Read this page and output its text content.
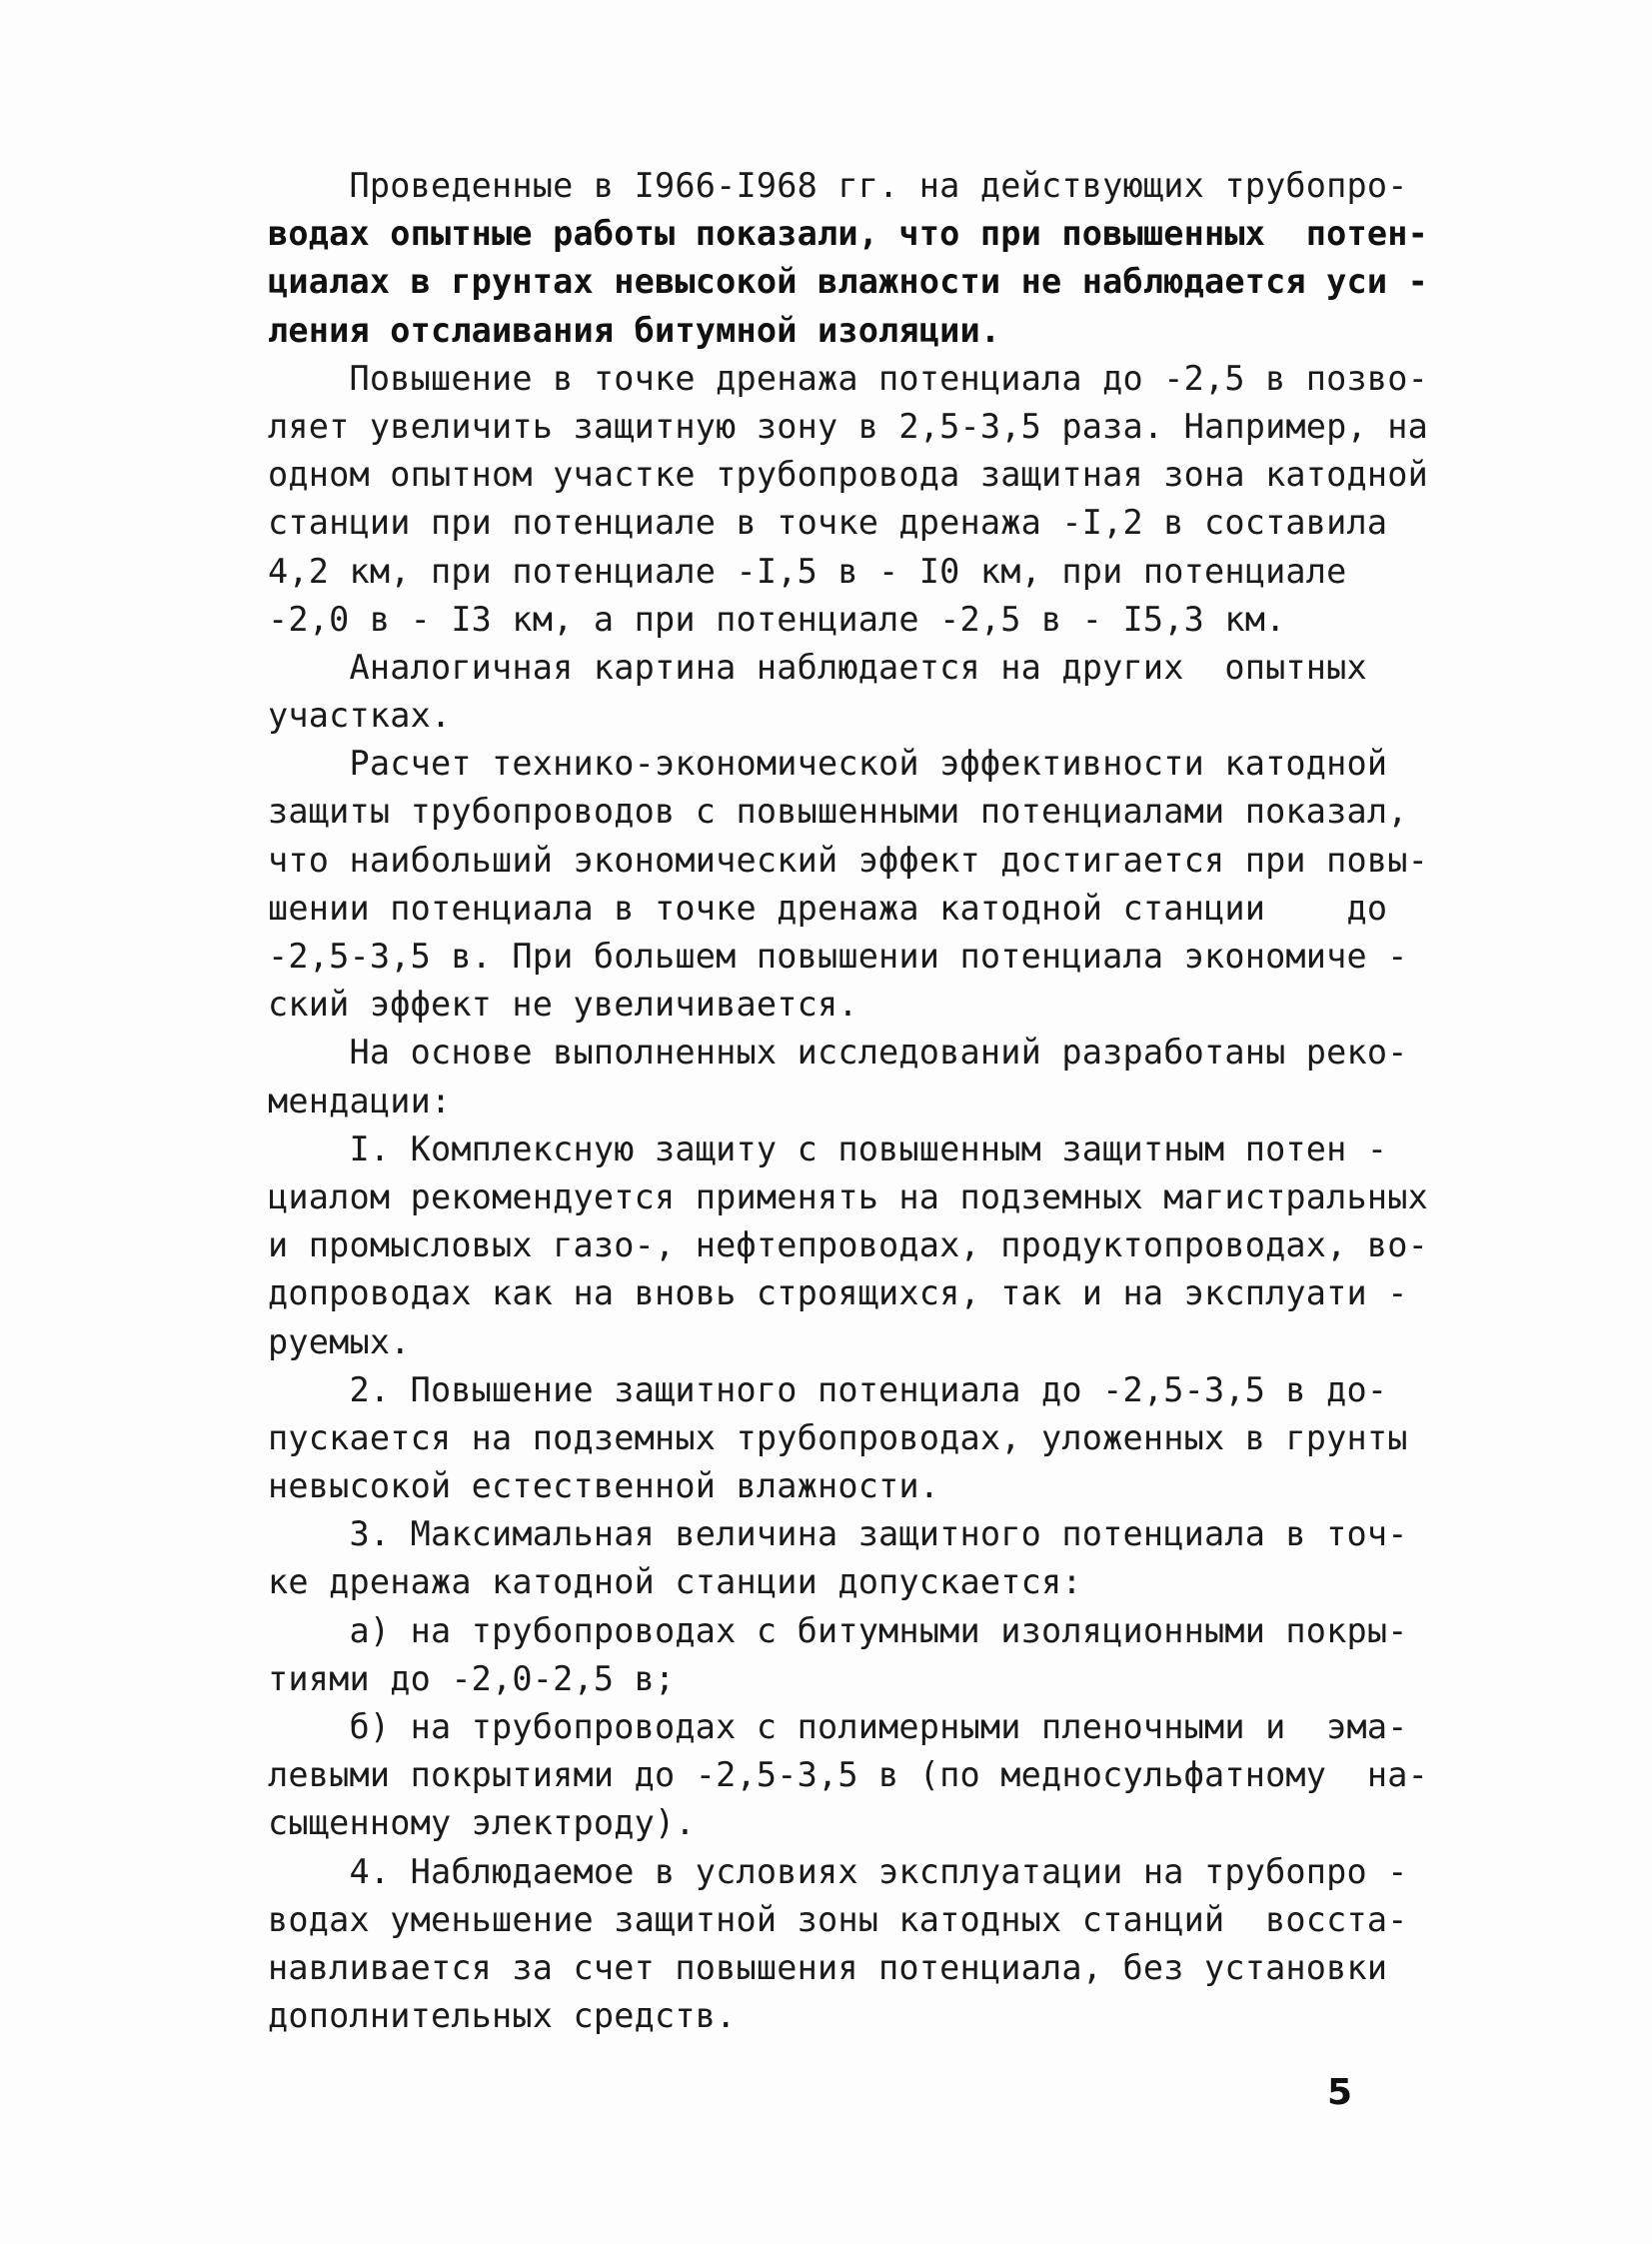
Проведенные в I966-I968 гг. на действующих трубопро-
водах опытные работы показали, что при повышенных  потен-
циалах в грунтах невысокой влажности не наблюдается уси -
ления отслаивания битумной изоляции.
Повышение в точке дренажа потенциала до -2,5 в позво-
ляет увеличить защитную зону в 2,5-3,5 раза. Например, на
одном опытном участке трубопровода защитная зона катодной
станции при потенциале в точке дренажа -I,2 в составила
4,2 км, при потенциале -I,5 в - I0 км, при потенциале
-2,0 в - I3 км, а при потенциале -2,5 в - I5,3 км.
Аналогичная картина наблюдается на других  опытных
участках.
Расчет технико-экономической эффективности катодной
защиты трубопроводов с повышенными потенциалами показал,
что наибольший экономический эффект достигается при повы-
шении потенциала в точке дренажа катодной станции    до
-2,5-3,5 в. При большем повышении потенциала экономиче -
ский эффект не увеличивается.
На основе выполненных исследований разработаны реко-
мендации:
I. Комплексную защиту с повышенным защитным потен -
циалом рекомендуется применять на подземных магистральных
и промысловых газо-, нефтепроводах, продуктопроводах, во-
допроводах как на вновь строящихся, так и на эксплуати -
руемых.
2. Повышение защитного потенциала до -2,5-3,5 в до-
пускается на подземных трубопроводах, уложенных в грунты
невысокой естественной влажности.
3. Максимальная величина защитного потенциала в точ-
ке дренажа катодной станции допускается:
а) на трубопроводах с битумными изоляционными покры-
тиями до -2,0-2,5 в;
б) на трубопроводах с полимерными пленочными и  эма-
левыми покрытиями до -2,5-3,5 в (по медносульфатному  на-
сыщенному электроду).
4. Наблюдаемое в условиях эксплуатации на трубопро -
водах уменьшение защитной зоны катодных станций  восста-
навливается за счет повышения потенциала, без установки
дополнительных средств.
5
